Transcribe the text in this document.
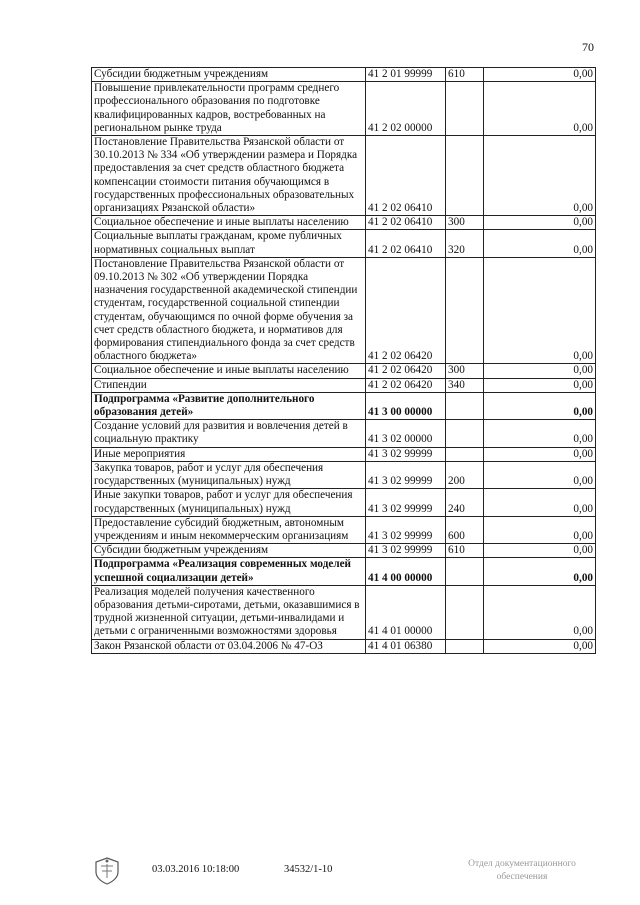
70
Субсидии бюджетным учреждениям	41 2 01 99999	610	0,00
Повышение привлекательности программ среднего профессионального образования по подготовке квалифицированных кадров, востребованных на региональном рынке труда	41 2 02 00000		0,00
Постановление Правительства Рязанской области от 30.10.2013 № 334 «Об утверждении размера и Порядка предоставления за счет средств областного бюджета компенсации стоимости питания обучающимся в государственных профессиональных образовательных организациях Рязанской области»	41 2 02 06410		0,00
Социальное обеспечение и иные выплаты населению	41 2 02 06410	300	0,00
Социальные выплаты гражданам, кроме публичных нормативных социальных выплат	41 2 02 06410	320	0,00
Постановление Правительства Рязанской области от 09.10.2013 № 302 «Об утверждении Порядка назначения государственной академической стипендии студентам, государственной социальной стипендии студентам, обучающимся по очной форме обучения за счет средств областного бюджета, и нормативов для формирования стипендиального фонда за счет средств областного бюджета»	41 2 02 06420		0,00
Социальное обеспечение и иные выплаты населению	41 2 02 06420	300	0,00
Стипендии	41 2 02 06420	340	0,00
Подпрограмма «Развитие дополнительного образования детей»	41 3 00 00000		0,00
Создание условий для развития и вовлечения детей в социальную практику	41 3 02 00000		0,00
Иные мероприятия	41 3 02 99999		0,00
Закупка товаров, работ и услуг для обеспечения государственных (муниципальных) нужд	41 3 02 99999	200	0,00
Иные закупки товаров, работ и услуг для обеспечения государственных (муниципальных) нужд	41 3 02 99999	240	0,00
Предоставление субсидий бюджетным, автономным учреждениям и иным некоммерческим организациям	41 3 02 99999	600	0,00
Субсидии бюджетным учреждениям	41 3 02 99999	610	0,00
Подпрограмма «Реализация современных моделей успешной социализации детей»	41 4 00 00000		0,00
Реализация моделей получения качественного образования детьми-сиротами, детьми, оказавшимися в трудной жизненной ситуации, детьми-инвалидами и детьми с ограниченными возможностями здоровья	41 4 01 00000		0,00
Закон Рязанской области от 03.04.2006 № 47-ОЗ	41 4 01 06380		0,00
03.03.2016 10:18:00	34532/1-10	Отдел документационного обеспечения
